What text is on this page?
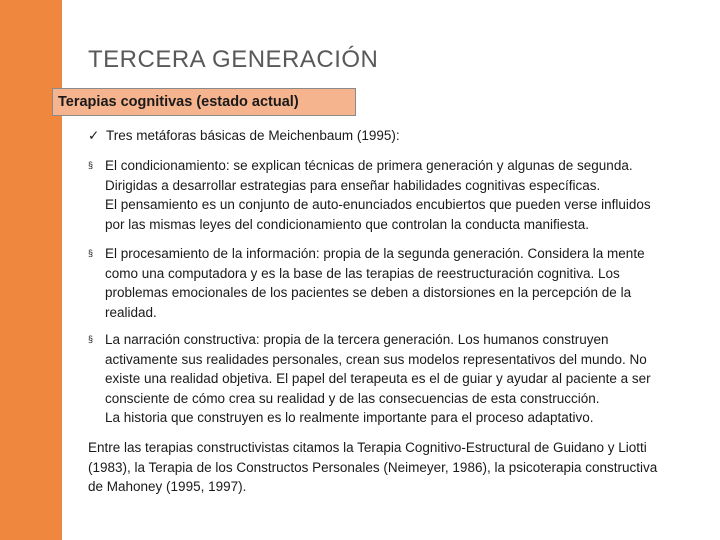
TERCERA GENERACIÓN
Terapias cognitivas (estado actual)
✓ Tres metáforas básicas de Meichenbaum (1995):
§ El condicionamiento: se explican técnicas de primera generación y algunas de segunda.
Dirigidas a desarrollar estrategias para enseñar habilidades cognitivas específicas.
El pensamiento es un conjunto de auto-enunciados encubiertos que pueden verse influidos
por las mismas leyes del condicionamiento que controlan la conducta manifiesta.
§ El procesamiento de la información: propia de la segunda generación. Considera la mente
como una computadora y es la base de las terapias de reestructuración cognitiva. Los
problemas emocionales de los pacientes se deben a distorsiones en la percepción de la
realidad.
§ La narración constructiva: propia de la tercera generación. Los humanos construyen
activamente sus realidades personales, crean sus modelos representativos del mundo. No
existe una realidad objetiva. El papel del terapeuta es el de guiar y ayudar al paciente a ser
consciente de cómo crea su realidad y de las consecuencias de esta construcción.
La historia que construyen es lo realmente importante para el proceso adaptativo.
Entre las terapias constructivistas citamos la Terapia Cognitivo-Estructural de Guidano y Liotti
(1983), la Terapia de los Constructos Personales (Neimeyer, 1986), la psicoterapia constructiva
de Mahoney (1995, 1997).
